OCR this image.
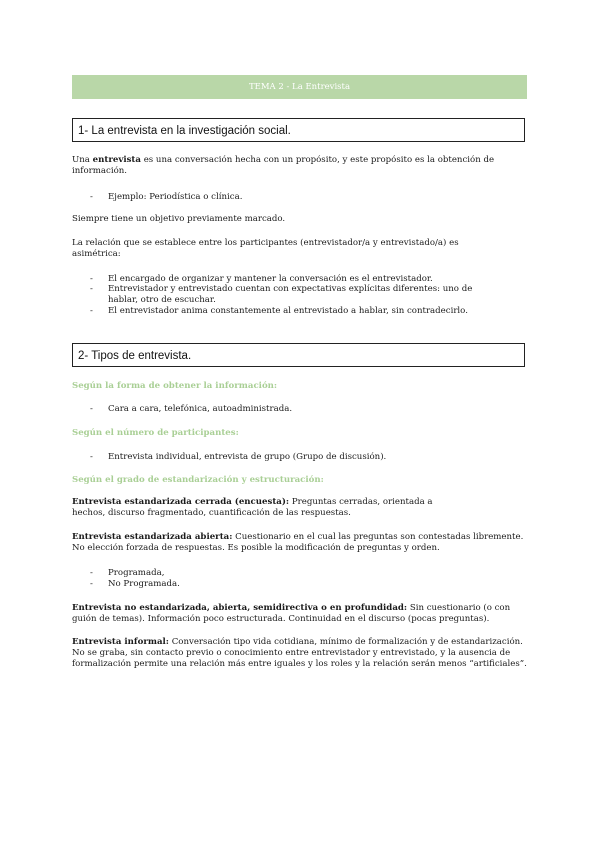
TEMA 2 - La Entrevista
1- La entrevista en la investigación social.
Una entrevista es una conversación hecha con un propósito, y este propósito es la obtención de información.
- Ejemplo: Periodística o clínica.
Siempre tiene un objetivo previamente marcado.
La relación que se establece entre los participantes (entrevistador/a y entrevistado/a) es asimétrica:
- El encargado de organizar y mantener la conversación es el entrevistador.
- Entrevistador y entrevistado cuentan con expectativas explícitas diferentes: uno de hablar, otro de escuchar.
- El entrevistador anima constantemente al entrevistado a hablar, sin contradecirlo.
2- Tipos de entrevista.
Según la forma de obtener la información:
- Cara a cara, telefónica, autoadministrada.
Según el número de participantes:
- Entrevista individual, entrevista de grupo (Grupo de discusión).
Según el grado de estandarización y estructuración:
Entrevista estandarizada cerrada (encuesta): Preguntas cerradas, orientada a hechos, discurso fragmentado, cuantificación de las respuestas.
Entrevista estandarizada abierta: Cuestionario en el cual las preguntas son contestadas libremente. No elección forzada de respuestas. Es posible la modificación de preguntas y orden.
- Programada,
- No Programada.
Entrevista no estandarizada, abierta, semidirectiva o en profundidad: Sin cuestionario (o con guión de temas). Información poco estructurada. Continuidad en el discurso (pocas preguntas).
Entrevista informal: Conversación tipo vida cotidiana, mínimo de formalización y de estandarización. No se graba, sin contacto previo o conocimiento entre entrevistador y entrevistado, y la ausencia de formalización permite una relación más entre iguales y los roles y la relación serán menos “artificiales”.
